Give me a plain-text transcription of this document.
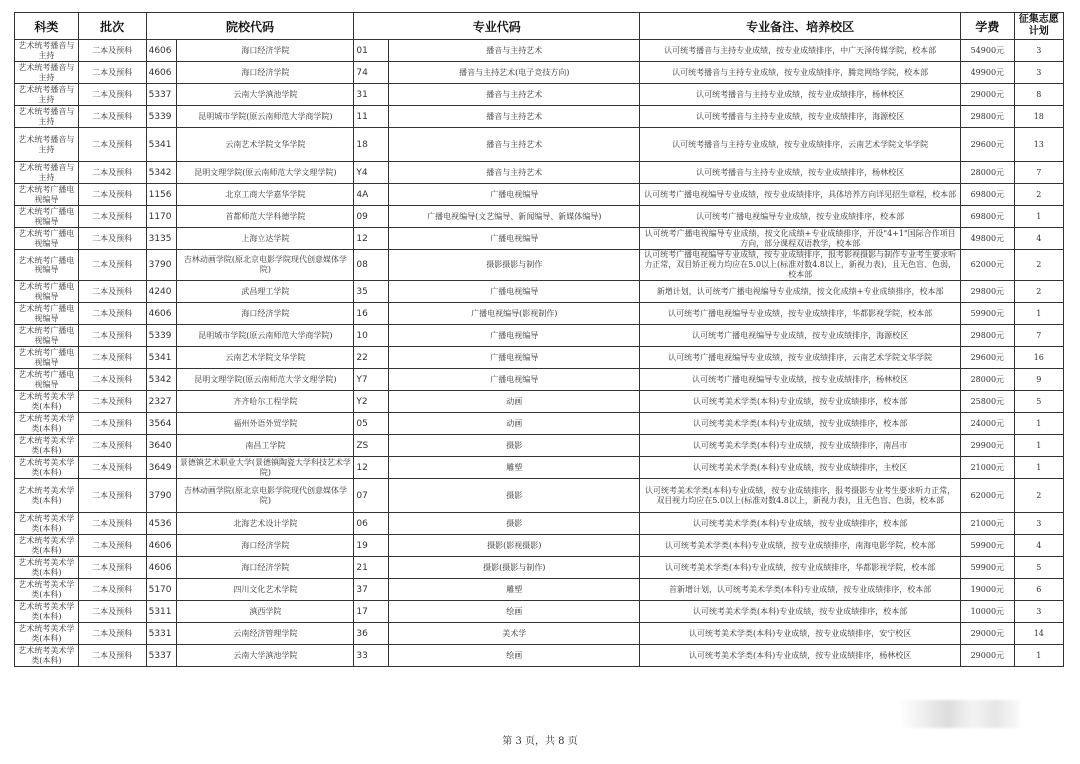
科类	批次	院校代码		专业代码		专业备注、培养校区	学费	征集志愿计划
艺术统考播音与主持	二本及预科	4606	海口经济学院	01	播音与主持艺术	认可统考播音与主持专业成绩，按专业成绩排序，中广天泽传媒学院，校本部	54900元	3
艺术统考播音与主持	二本及预科	4606	海口经济学院	74	播音与主持艺术(电子竞技方向)	认可统考播音与主持专业成绩，按专业成绩排序，腾竞网络学院，校本部	49900元	3
艺术统考播音与主持	二本及预科	5337	云南大学滇池学院	31	播音与主持艺术	认可统考播音与主持专业成绩，按专业成绩排序，杨林校区	29000元	8
艺术统考播音与主持	二本及预科	5339	昆明城市学院(原云南师范大学商学院)	11	播音与主持艺术	认可统考播音与主持专业成绩，按专业成绩排序，海源校区	29800元	18
艺术统考播音与主持	二本及预科	5341	云南艺术学院文华学院	18	播音与主持艺术	认可统考播音与主持专业成绩，按专业成绩排序，云南艺术学院文华学院	29600元	13
艺术统考播音与主持	二本及预科	5342	昆明文理学院(原云南师范大学文理学院)	Y4	播音与主持艺术	认可统考播音与主持专业成绩，按专业成绩排序，杨林校区	28000元	7
艺术统考广播电视编导	二本及预科	1156	北京工商大学嘉华学院	4A	广播电视编导	认可统考广播电视编导专业成绩，按专业成绩排序，具体培养方向详见招生章程，校本部	69800元	2
艺术统考广播电视编导	二本及预科	1170	首都师范大学科德学院	09	广播电视编导(文艺编导、新闻编导、新媒体编导)	认可统考广播电视编导专业成绩，按专业成绩排序，校本部	69800元	1
艺术统考广播电视编导	二本及预科	3135	上海立达学院	12	广播电视编导	认可统考广播电视编导专业成绩，按文化成绩+专业成绩排序，开设"4+1"国际合作项目方向，部分课程双语教学，校本部	49800元	4
艺术统考广播电视编导	二本及预科	3790	吉林动画学院(原北京电影学院现代创意媒体学院)	08	摄影摄影与制作	认可统考广播电视编导专业成绩，按专业成绩排序，报考影视摄影与制作专业考生要求听力正常，双目矫正视力均应在5.0以上(标准对数4.8以上，新视力表)，且无色盲、色弱，校本部	62000元	2
艺术统考广播电视编导	二本及预科	4240	武昌理工学院	35	广播电视编导	新增计划，认可统考广播电视编导专业成绩，按文化成绩+专业成绩排序，校本部	29800元	2
艺术统考广播电视编导	二本及预科	4606	海口经济学院	16	广播电视编导(影视制作)	认可统考广播电视编导专业成绩，按专业成绩排序，华都影视学院，校本部	59900元	1
艺术统考广播电视编导	二本及预科	5339	昆明城市学院(原云南师范大学商学院)	10	广播电视编导	认可统考广播电视编导专业成绩，按专业成绩排序，海源校区	29800元	7
艺术统考广播电视编导	二本及预科	5341	云南艺术学院文华学院	22	广播电视编导	认可统考广播电视编导专业成绩，按专业成绩排序，云南艺术学院文华学院	29600元	16
艺术统考广播电视编导	二本及预科	5342	昆明文理学院(原云南师范大学文理学院)	Y7	广播电视编导	认可统考广播电视编导专业成绩，按专业成绩排序，杨林校区	28000元	9
艺术统考美术学类(本科)	二本及预科	2327	齐齐哈尔工程学院	Y2	动画	认可统考美术学类(本科)专业成绩，按专业成绩排序，校本部	25800元	5
艺术统考美术学类(本科)	二本及预科	3564	福州外语外贸学院	05	动画	认可统考美术学类(本科)专业成绩，按专业成绩排序，校本部	24000元	1
艺术统考美术学类(本科)	二本及预科	3640	南昌工学院	ZS	摄影	认可统考美术学类(本科)专业成绩，按专业成绩排序，南昌市	29900元	1
艺术统考美术学类(本科)	二本及预科	3649	景德镇艺术职业大学(景德镇陶瓷大学科技艺术学院)	12	雕塑	认可统考美术学类(本科)专业成绩，按专业成绩排序，主校区	21000元	1
艺术统考美术学类(本科)	二本及预科	3790	吉林动画学院(原北京电影学院现代创意媒体学院)	07	摄影	认可统考美术学类(本科)专业成绩，按专业成绩排序，报考摄影专业考生要求听力正常，双目视力均应在5.0以上(标准对数4.8以上，新视力表)，且无色盲、色弱，校本部	62000元	2
艺术统考美术学类(本科)	二本及预科	4536	北海艺术设计学院	06	摄影	认可统考美术学类(本科)专业成绩，按专业成绩排序，校本部	21000元	3
艺术统考美术学类(本科)	二本及预科	4606	海口经济学院	19	摄影(影视摄影)	认可统考美术学类(本科)专业成绩，按专业成绩排序，南海电影学院，校本部	59900元	4
艺术统考美术学类(本科)	二本及预科	4606	海口经济学院	21	摄影(摄影与制作)	认可统考美术学类(本科)专业成绩，按专业成绩排序，华都影视学院，校本部	59900元	5
艺术统考美术学类(本科)	二本及预科	5170	四川文化艺术学院	37	雕塑	首新增计划，认可统考美术学类(本科)专业成绩，按专业成绩排序，校本部	19000元	6
艺术统考美术学类(本科)	二本及预科	5311	滇西学院	17	绘画	认可统考美术学类(本科)专业成绩，按专业成绩排序，校本部	10000元	3
艺术统考美术学类(本科)	二本及预科	5331	云南经济管理学院	36	美术学	认可统考美术学类(本科)专业成绩，按专业成绩排序，安宁校区	29000元	14
艺术统考美术学类(本科)	二本及预科	5337	云南大学滇池学院	33	绘画	认可统考美术学类(本科)专业成绩，按专业成绩排序，杨林校区	29000元	1
第 3 页，共 8 页
